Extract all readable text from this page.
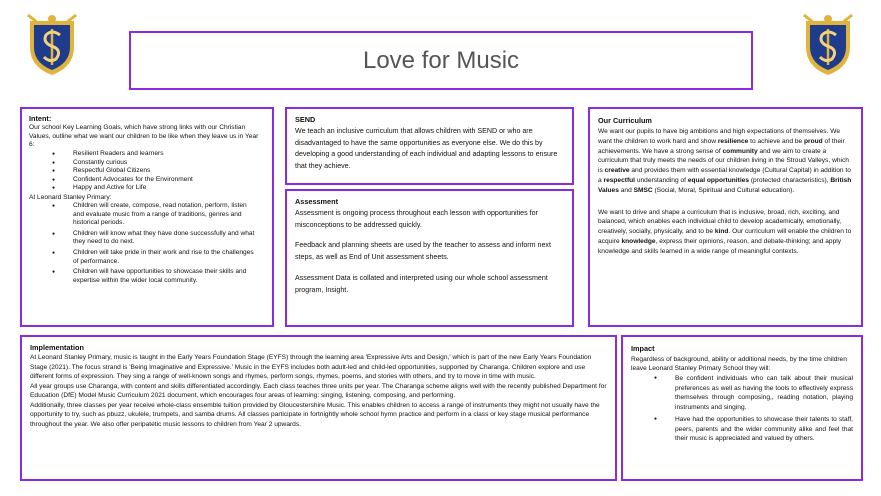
Love for Music
Intent:
Our school Key Learning Goals, which have strong links with our Christian Values, outline what we want our children to be like when they leave us in Year 6:
● Resilient Readers and learners
● Constantly curious
● Respectful Global Citizens
● Confident Advocates for the Environment
● Happy and Active for Life
At Leonard Stanley Primary:
● Children will create, compose, read notation, perform, listen and evaluate music from a range of traditions, genres and historical periods.
● Children will know what they have done successfully and what they need to do next.
● Children will take pride in their work and rise to the challenges of performance.
● Children will have opportunities to showcase their skills and expertise within the wider local community.
SEND
We teach an inclusive curriculum that allows children with SEND or who are disadvantaged to have the same opportunities as everyone else. We do this by developing a good understanding of each individual and adapting lessons to ensure that they achieve.
Assessment
Assessment is ongoing process throughout each lesson with opportunities for misconceptions to be addressed quickly.
Feedback and planning sheets are used by the teacher to assess and inform next steps, as well as End of Unit assessment sheets.
Assessment Data is collated and interpreted using our whole school assessment program, Insight.
Our Curriculum
We want our pupils to have big ambitions and high expectations of themselves. We want the children to work hard and show resilience to achieve and be proud of their achievements. We have a strong sense of community and we aim to create a curriculum that truly meets the needs of our children living in the Stroud Valleys, which is creative and provides them with essential knowledge (Cultural Capital) in addition to a respectful understanding of equal opportunities (protected characteristics), British Values and SMSC (Social, Moral, Spiritual and Cultural education).
We want to drive and shape a curriculum that is inclusive, broad, rich, exciting, and balanced, which enables each individual child to develop academically, emotionally, creatively, socially, physically, and to be kind. Our curriculum will enable the children to acquire knowledge, express their opinions, reason, and debate-thinking; and apply knowledge and skills learned in a wide range of meaningful contexts.
Implementation
At Leonard Stanley Primary, music is taught in the Early Years Foundation Stage (EYFS) through the learning area 'Expressive Arts and Design,' which is part of the new Early Years Foundation Stage (2021). The focus strand is 'Being Imaginative and Expressive.' Music in the EYFS includes both adult-led and child-led opportunities, supported by Charanga. Children explore and use different forms of expression. They sing a range of well-known songs and rhymes, perform songs, rhymes, poems, and stories with others, and try to move in time with music.
All year groups use Charanga, with content and skills differentiated accordingly. Each class teaches three units per year. The Charanga scheme aligns well with the recently published Department for Education (DfE) Model Music Curriculum 2021 document, which encourages four areas of learning: singing, listening, composing, and performing.
Additionally, three classes per year receive whole-class ensemble tuition provided by Gloucestershire Music. This enables children to access a range of instruments they might not usually have the opportunity to try, such as pbuzz, ukulele, trumpets, and samba drums. All classes participate in fortnightly whole school hymn practice and perform in a class or key stage musical performance throughout the year. We also offer peripatetic music lessons to children from Year 2 upwards.
Impact
Regardless of background, ability or additional needs, by the time children leave Leonard Stanley Primary School they will:
● Be confident individuals who can talk about their musical preferences as well as having the tools to effectively express themselves through composing,, reading notation, playing instruments and singing.
● Have had the opportunities to showcase their talents to staff, peers, parents and the wider community alike and feel that their music is appreciated and valued by others.
